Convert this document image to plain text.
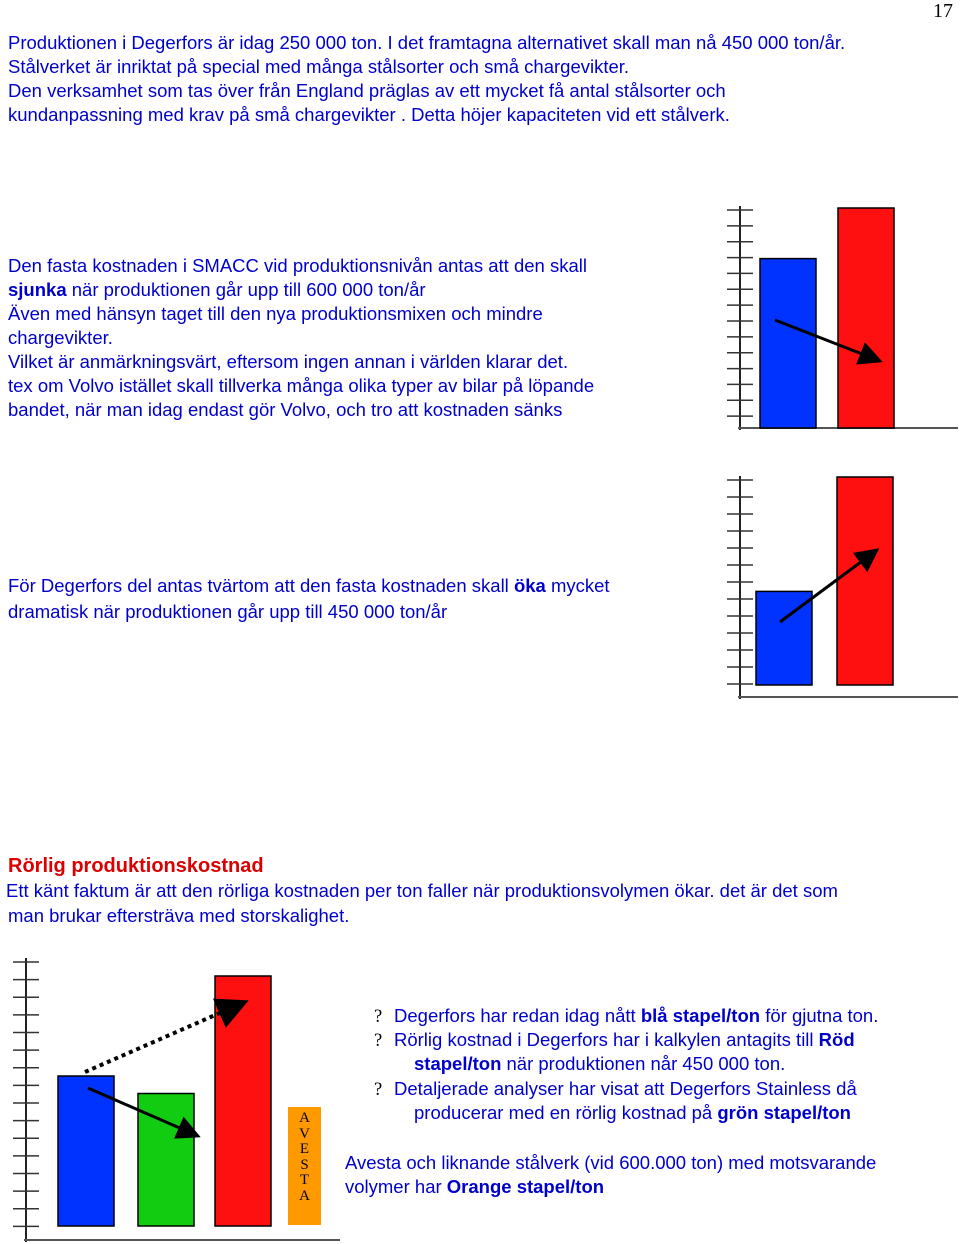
17
Produktionen i Degerfors är idag 250 000 ton. I det framtagna alternativet skall man nå 450 000 ton/år.
Stålverket är inriktat på special med många stålsorter och små chargevikter.
Den verksamhet som tas över från England präglas av ett mycket få antal stålsorter och
kundanpassning med krav på små chargevikter . Detta höjer kapaciteten vid ett stålverk.
Den fasta kostnaden i SMACC vid produktionsnivån antas att den skall
sjunka när produktionen går upp till 600 000 ton/år
Även med hänsyn taget till den nya produktionsmixen och mindre
chargevikter.
Vilket är anmärkningsvärt, eftersom ingen annan i världen klarar det.
tex om Volvo istället skall tillverka många olika typer av bilar på löpande
bandet, när man idag endast gör Volvo, och tro att kostnaden sänks
För Degerfors del antas tvärtom att den fasta kostnaden skall öka mycket
dramatisk när produktionen går upp till 450 000 ton/år
Rörlig produktionskostnad
Ett känt faktum är att den rörliga kostnaden per ton faller när produktionsvolymen ökar. det är det som
man brukar eftersträva med storskalighet.
A
V
E
S
T
A
? Degerfors har redan idag nått blå stapel/ton för gjutna ton.
? Rörlig kostnad i Degerfors har i kalkylen antagits till Röd
stapel/ton när produktionen når 450 000 ton.
? Detaljerade analyser har visat att Degerfors Stainless då
producerar med en rörlig kostnad på grön stapel/ton
Avesta och liknande stålverk (vid 600.000 ton) med motsvarande
volymer har Orange stapel/ton
